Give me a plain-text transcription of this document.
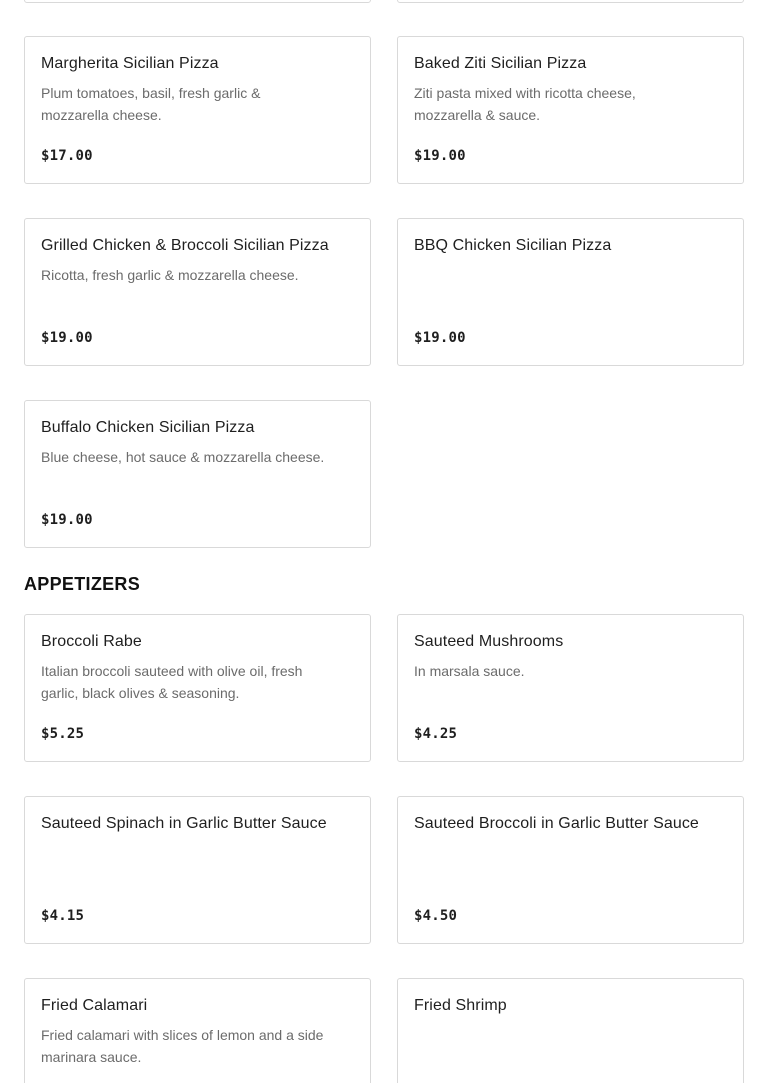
Margherita Sicilian Pizza
Plum tomatoes, basil, fresh garlic & mozzarella cheese.
$17.00
Baked Ziti Sicilian Pizza
Ziti pasta mixed with ricotta cheese, mozzarella & sauce.
$19.00
Grilled Chicken & Broccoli Sicilian Pizza
Ricotta, fresh garlic & mozzarella cheese.
$19.00
BBQ Chicken Sicilian Pizza
$19.00
Buffalo Chicken Sicilian Pizza
Blue cheese, hot sauce & mozzarella cheese.
$19.00
APPETIZERS
Broccoli Rabe
Italian broccoli sauteed with olive oil, fresh garlic, black olives & seasoning.
$5.25
Sauteed Mushrooms
In marsala sauce.
$4.25
Sauteed Spinach in Garlic Butter Sauce
$4.15
Sauteed Broccoli in Garlic Butter Sauce
$4.50
Fried Calamari
Fried calamari with slices of lemon and a side marinara sauce.
Fried Shrimp
